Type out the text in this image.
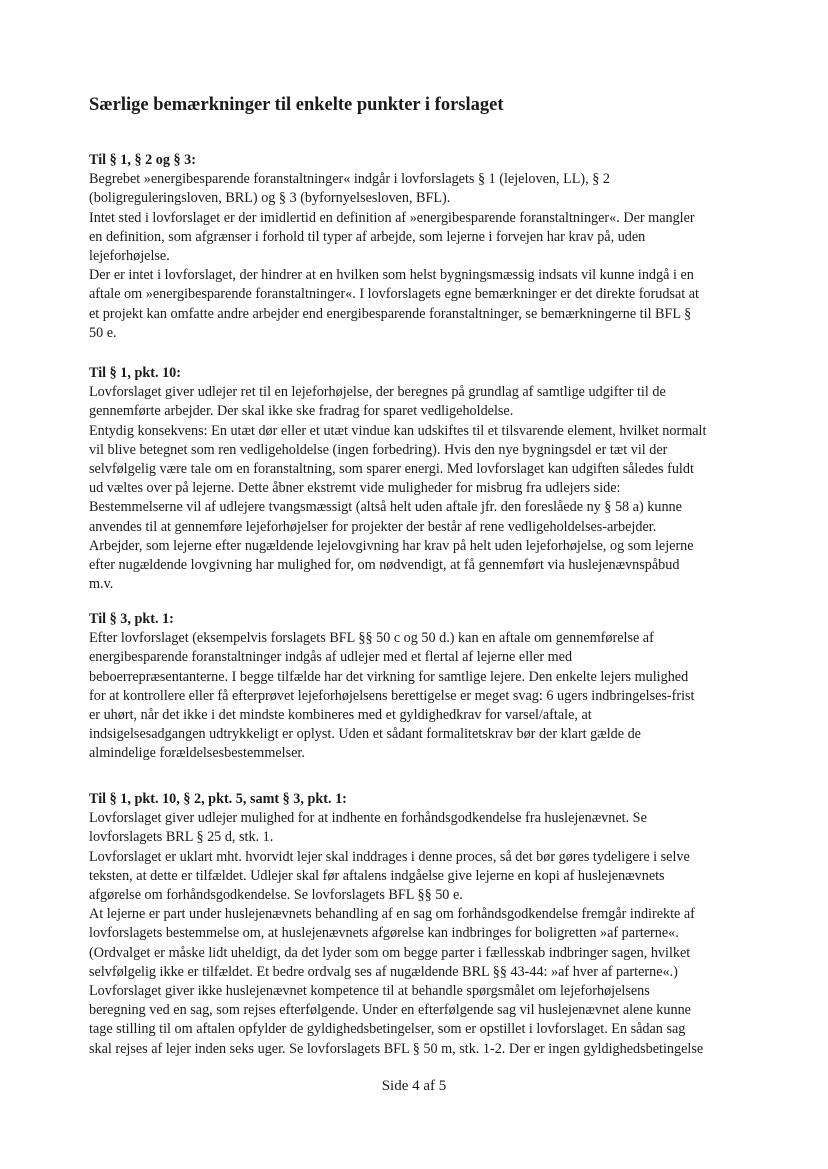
Særlige bemærkninger til enkelte punkter i forslaget
Til § 1, § 2 og § 3:
Begrebet »energibesparende foranstaltninger« indgår i lovforslagets § 1 (lejeloven, LL), § 2
(boligreguleringsloven, BRL) og § 3 (byfornyelsesloven, BFL).
Intet sted i lovforslaget er der imidlertid en definition af »energibesparende foranstaltninger«. Der mangler
en definition, som afgrænser i forhold til typer af arbejde, som lejerne i forvejen har krav på, uden
lejeforhøjelse.
Der er intet i lovforslaget, der hindrer at en hvilken som helst bygningsmæssig indsats vil kunne indgå i en
aftale om »energibesparende foranstaltninger«. I lovforslagets egne bemærkninger er det direkte forudsat at
et projekt kan omfatte andre arbejder end energibesparende foranstaltninger, se bemærkningerne til BFL §
50 e.
Til § 1, pkt. 10:
Lovforslaget giver udlejer ret til en lejeforhøjelse, der beregnes på grundlag af samtlige udgifter til de
gennemførte arbejder. Der skal ikke ske fradrag for sparet vedligeholdelse.
Entydig konsekvens: En utæt dør eller et utæt vindue kan udskiftes til et tilsvarende element, hvilket normalt
vil blive betegnet som ren vedligeholdelse (ingen forbedring). Hvis den nye bygningsdel er tæt vil der
selvfølgelig være tale om en foranstaltning, som sparer energi. Med lovforslaget kan udgiften således fuldt
ud væltes over på lejerne. Dette åbner ekstremt vide muligheder for misbrug fra udlejers side:
Bestemmelserne vil af udlejere tvangsmæssigt (altså helt uden aftale jfr. den foreslåede ny § 58 a) kunne
anvendes til at gennemføre lejeforhøjelser for projekter der består af rene vedligeholdelses-arbejder.
Arbejder, som lejerne efter nugældende lejelovgivning har krav på helt uden lejeforhøjelse, og som lejerne
efter nugældende lovgivning har mulighed for, om nødvendigt, at få gennemført via huslejenævnspåbud
m.v.
Til § 3, pkt. 1:
Efter lovforslaget (eksempelvis forslagets BFL §§ 50 c og 50 d.) kan en aftale om gennemførelse af
energibesparende foranstaltninger indgås af udlejer med et flertal af lejerne eller med
beboerrepræsentanterne. I begge tilfælde har det virkning for samtlige lejere. Den enkelte lejers mulighed
for at kontrollere eller få efterprøvet lejeforhøjelsens berettigelse er meget svag: 6 ugers indbringelses-frist
er uhørt, når det ikke i det mindste kombineres med et gyldighedkrav for varsel/aftale, at
indsigelsesadgangen udtrykkeligt er oplyst. Uden et sådant formalitetskrav bør der klart gælde de
almindelige forældelsesbestemmelser.
Til § 1, pkt. 10, § 2, pkt. 5, samt § 3, pkt. 1:
Lovforslaget giver udlejer mulighed for at indhente en forhåndsgodkendelse fra huslejenævnet. Se
lovforslagets BRL § 25 d, stk. 1.
Lovforslaget er uklart mht. hvorvidt lejer skal inddrages i denne proces, så det bør gøres tydeligere i selve
teksten, at dette er tilfældet. Udlejer skal før aftalens indgåelse give lejerne en kopi af huslejenævnets
afgørelse om forhåndsgodkendelse. Se lovforslagets BFL §§ 50 e.
At lejerne er part under huslejenævnets behandling af en sag om forhåndsgodkendelse fremgår indirekte af
lovforslagets bestemmelse om, at huslejenævnets afgørelse kan indbringes for boligretten »af parterne«.
(Ordvalget er måske lidt uheldigt, da det lyder som om begge parter i fællesskab indbringer sagen, hvilket
selvfølgelig ikke er tilfældet. Et bedre ordvalg ses af nugældende BRL §§ 43-44: »af hver af parterne«.)
Lovforslaget giver ikke huslejenævnet kompetence til at behandle spørgsmålet om lejeforhøjelsens
beregning ved en sag, som rejses efterfølgende. Under en efterfølgende sag vil huslejenævnet alene kunne
tage stilling til om aftalen opfylder de gyldighedsbetingelser, som er opstillet i lovforslaget. En sådan sag
skal rejses af lejer inden seks uger. Se lovforslagets BFL § 50 m, stk. 1-2. Der er ingen gyldighedsbetingelse
Side 4 af 5
